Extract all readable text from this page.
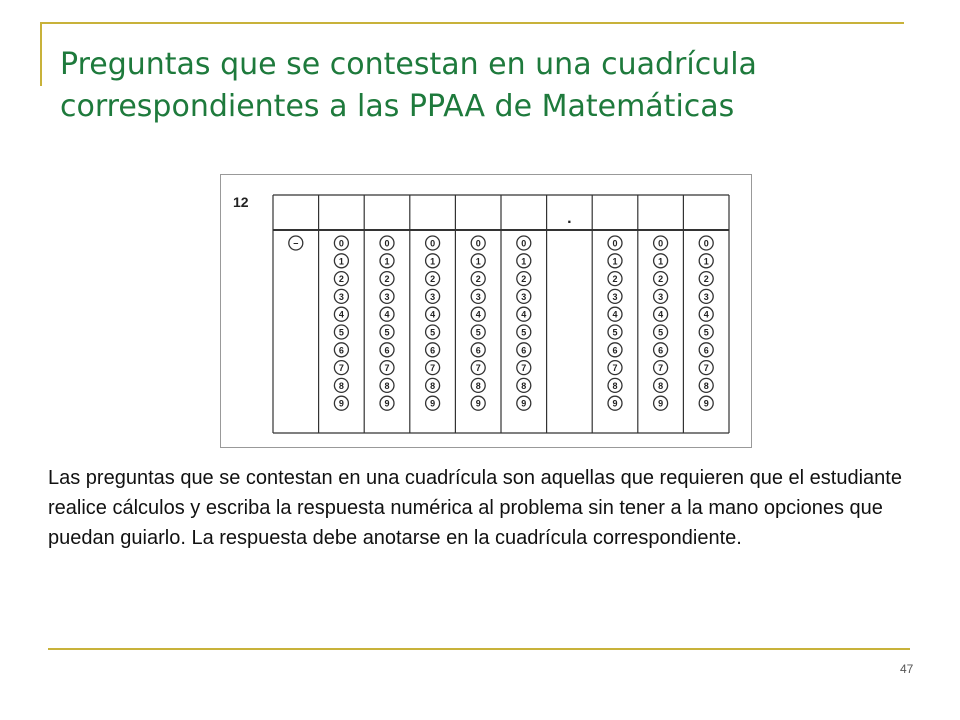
Preguntas que se contestan en una cuadrícula correspondientes a las PPAA de Matemáticas
12
−	0
1
2
3
4
5
6
7
8
9
0
1
2
3
4
5
6
7
8
9
0
1
2
3
4
5
6
7
8
9
0
1
2
3
4
5
6
7
8
9
0
1
2
3
4
5
6
7
8
9
.
0
1
2
3
4
5
6
7
8
9
0
1
2
3
4
5
6
7
8
9
0
1
2
3
4
5
6
7
8
9

Las preguntas que se contestan en una cuadrícula son aquellas que requieren que el estudiante realice cálculos y escriba la respuesta numérica al problema sin tener a la mano opciones que puedan guiarlo. La respuesta debe anotarse en la cuadrícula correspondiente.

47
